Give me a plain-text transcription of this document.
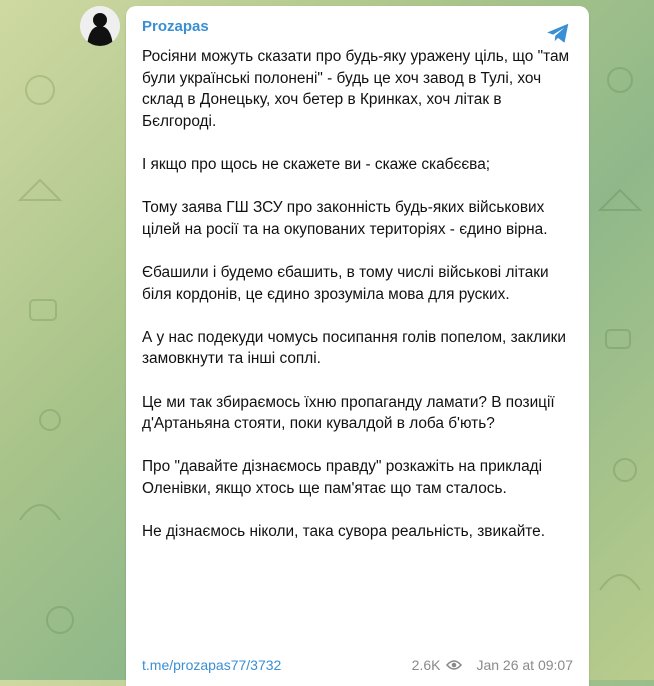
Prozapas

Росіяни можуть сказати про будь-яку уражену ціль, що "там були українські полонені" - будь це хоч завод в Тулі, хоч склад в Донецьку, хоч бетер в Кринках, хоч літак в Бєлгороді.

І якщо про щось не скажете ви - скаже скабєєва;

Тому заява ГШ ЗСУ про законність будь-яких військових цілей на росії та на окупованих територіях - єдино вірна.

Єбашили і будемо єбашить, в тому числі військові літаки біля кордонів, це єдино зрозуміла мова для руских.

А у нас подекуди чомусь посипання голів попелом, заклики замовкнути та інші соплі.

Це ми так збираємось їхню пропаганду ламати? В позиції д'Артаньяна стояти, поки кувалдой в лоба б'ють?

Про "давайте дізнаємось правду" розкажіть на прикладі Оленівки, якщо хтось ще пам'ятає що там сталось.

Не дізнаємось ніколи, така сувора реальність, звикайте.

t.me/prozapas77/3732	2.6K	Jan 26 at 09:07
